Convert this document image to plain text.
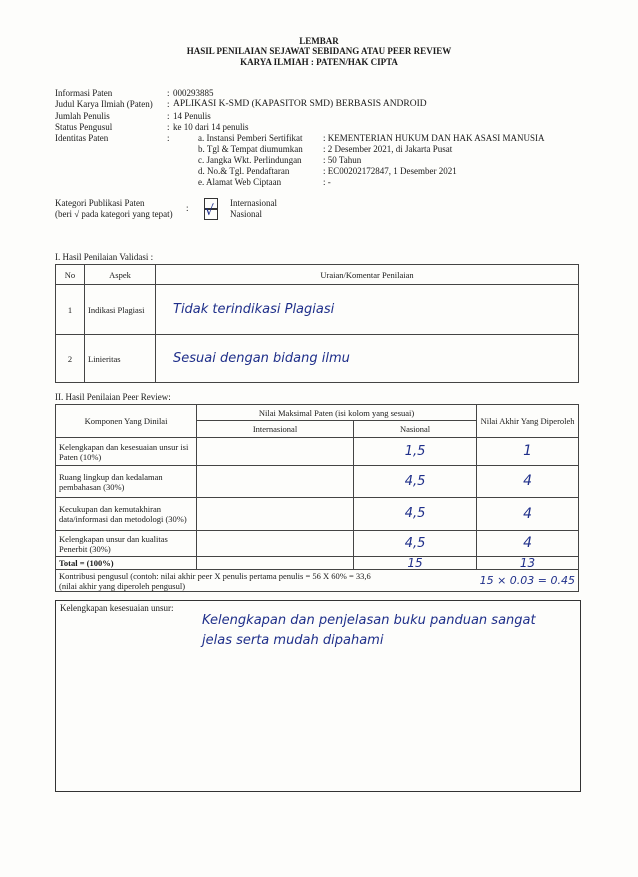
LEMBAR
HASIL PENILAIAN SEJAWAT SEBIDANG ATAU PEER REVIEW
KARYA ILMIAH : PATEN/HAK CIPTA
Informasi Paten	: 000293885
Judul Karya Ilmiah (Paten)	: APLIKASI K-SMD (KAPASITOR SMD) BERBASIS ANDROID
Jumlah Penulis	: 14 Penulis
Status Pengusul	: ke 10 dari 14 penulis
Identitas Paten	:	a. Instansi Pemberi Sertifikat	: KEMENTERIAN HUKUM DAN HAK ASASI MANUSIA
b. Tgl & Tempat diumumkan	: 2 Desember 2021, di Jakarta Pusat
c. Jangka Wkt. Perlindungan	: 50 Tahun
d. No.& Tgl. Pendaftaran	: EC00202172847, 1 Desember 2021
e. Alamat Web Ciptaan	: -
Kategori Publikasi Paten
(beri √ pada kategori yang tepat)
:	Internasional
√ Nasional
I. Hasil Penilaian Validasi :
No	Aspek	Uraian/Komentar Penilaian
1	Indikasi Plagiasi	Tidak terindikasi Plagiasi
2	Linieritas	Sesuai dengan bidang ilmu
II. Hasil Penilaian Peer Review:
Komponen Yang Dinilai	Nilai Maksimal Paten (isi kolom yang sesuai)		Nilai Akhir Yang Diperoleh
	Internasional	Nasional	
Kelengkapan dan kesesuaian unsur isi Paten (10%)		1,5	1
Ruang lingkup dan kedalaman pembahasan (30%)		4,5	4
Kecukupan dan kemutakhiran data/informasi dan metodologi (30%)		4,5	4
Kelengkapan unsur dan kualitas Penerbit (30%)		4,5	4
Total = (100%)		15	13

Kontribusi pengusul (contoh: nilai akhir peer X penulis pertama penulis = 56 X 60% = 33,6
(nilai akhir yang diperoleh pengusul)			15 × 0.03 = 0.45
Kelengkapan kesesuaian unsur:
Kelengkapan dan penjelasan buku panduan sangat
jelas serta mudah dipahami
